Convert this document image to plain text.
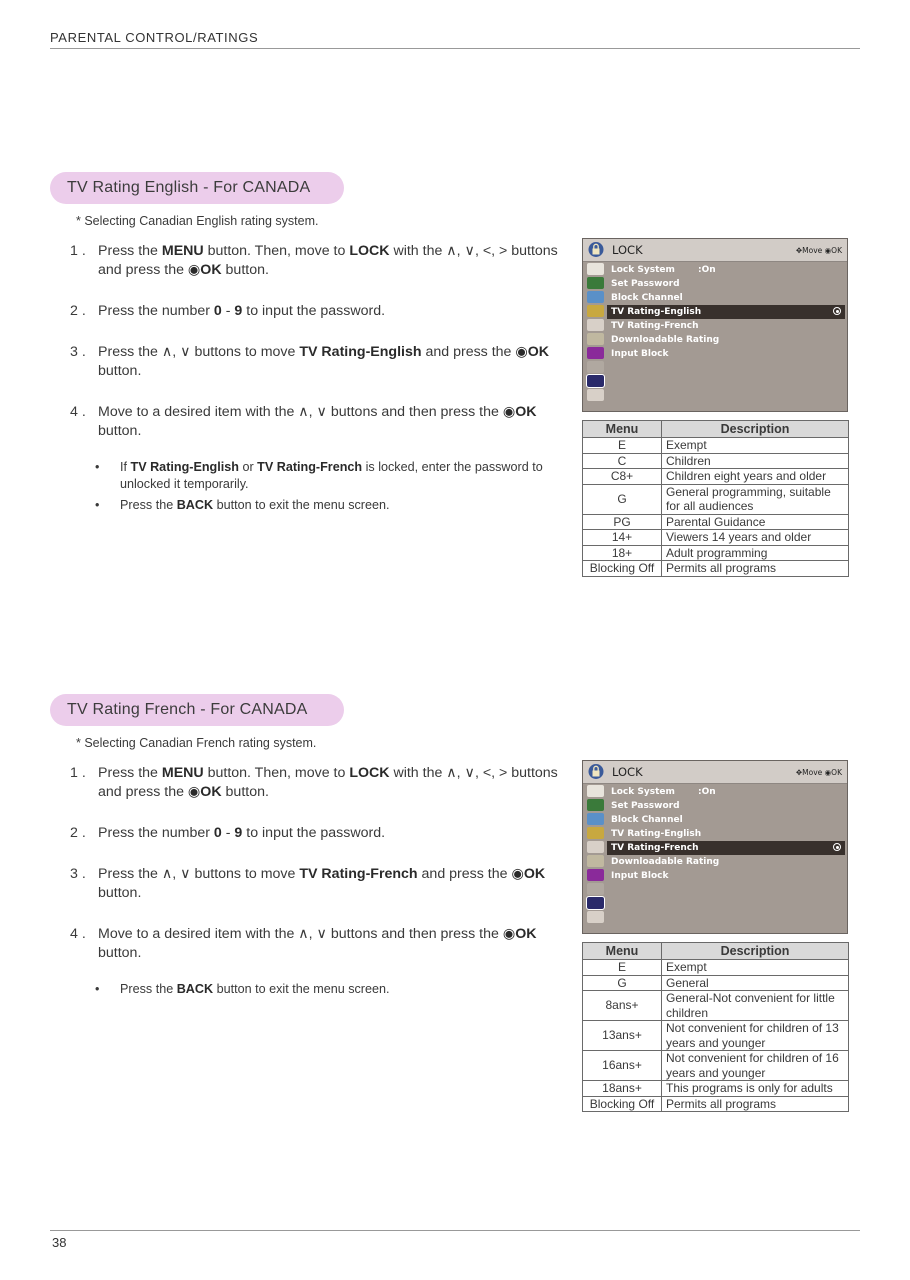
PARENTAL CONTROL/RATINGS
TV Rating English - For CANADA
* Selecting Canadian English rating system.
1 . Press the MENU button. Then, move to LOCK with the ∧, ∨, <, > buttons and press the ◉OK button.

2 . Press the number 0 - 9 to input the password.

3 . Press the ∧, ∨ buttons to move TV Rating-English and press the ◉OK button.

4 . Move to a desired item with the ∧, ∨ buttons and then press the ◉OK button.

• If TV Rating-English or TV Rating-French is locked, enter the password to unlocked it temporarily.
• Press the BACK button to exit the menu screen.
LOCK	✥Move ◉OK
Lock System	:On
Set Password
Block Channel
TV Rating-English
TV Rating-French
Downloadable Rating
Input Block
TV Rating French - For CANADA
* Selecting Canadian French rating system.
1 . Press the MENU button. Then, move to LOCK with the ∧, ∨, <, > buttons and press the ◉OK button.

2 . Press the number 0 - 9 to input the password.

3 . Press the ∧, ∨ buttons to move TV Rating-French and press the ◉OK button.

4 . Move to a desired item with the ∧, ∨ buttons and then press the ◉OK button.

• Press the BACK button to exit the menu screen.
LOCK	✥Move ◉OK
Lock System	:On
Set Password
Block Channel
TV Rating-English
TV Rating-French
Downloadable Rating
Input Block
38
Menu	Description
E	Exempt
C	Children
C8+	Children eight years and older
G	General programming, suitable for all audiences
PG	Parental Guidance
14+	Viewers 14 years and older
18+	Adult programming
Blocking Off	Permits all programs
Menu	Description
E	Exempt
G	General
8ans+	General-Not convenient for little children
13ans+	Not convenient for children of 13 years and younger
16ans+	Not convenient for children of 16 years and younger
18ans+	This programs is only for adults
Blocking Off	Permits all programs
